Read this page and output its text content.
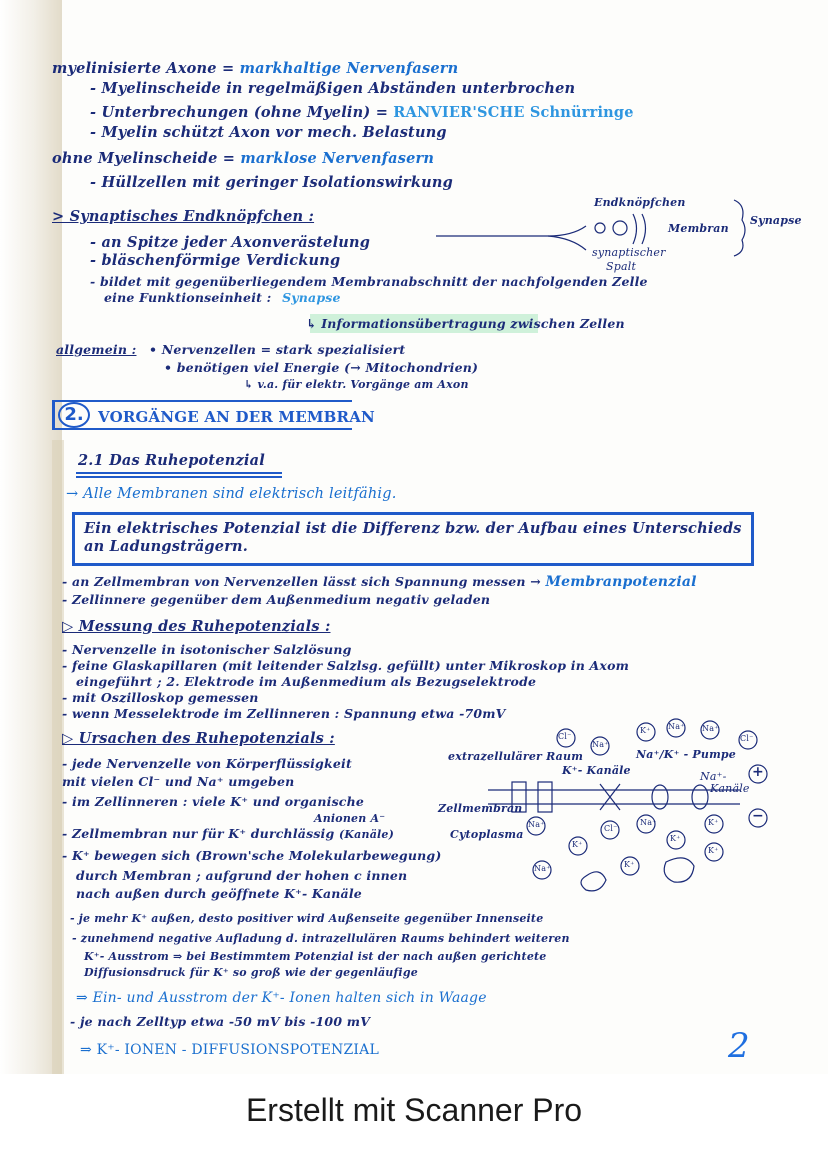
myelinisierte Axone = markhaltige Nervenfasern
- Myelinscheide in regelmäßigen Abständen unterbrochen
- Unterbrechungen (ohne Myelin) = RANVIER'SCHE Schnürringe
- Myelin schützt Axon vor mech. Belastung
ohne Myelinscheide = marklose Nervenfasern
- Hüllzellen mit geringer Isolationswirkung
> Synaptisches Endknöpfchen :
- an Spitze jeder Axonverästelung
- bläschenförmige Verdickung
- bildet mit gegenüberliegendem Membranabschnitt der nachfolgenden Zelle
eine Funktionseinheit : Synapse
↳ Informationsübertragung zwischen Zellen
allgemein : • Nervenzellen = stark spezialisiert
• benötigen viel Energie (→ Mitochondrien)
↳ v.a. für elektr. Vorgänge am Axon
2. VORGÄNGE AN DER MEMBRAN
2.1 Das Ruhepotenzial
→ Alle Membranen sind elektrisch leitfähig.
Ein elektrisches Potenzial ist die Differenz bzw. der Aufbau eines Unterschieds
an Ladungsträgern.
- an Zellmembran von Nervenzellen lässt sich Spannung messen → Membranpotenzial
- Zellinnere gegenüber dem Außenmedium negativ geladen
▷ Messung des Ruhepotenzials :
- Nervenzelle in isotonischer Salzlösung
- feine Glaskapillaren (mit leitender Salzlsg. gefüllt) unter Mikroskop in Axom
eingeführt ; 2. Elektrode im Außenmedium als Bezugselektrode
- mit Oszilloskop gemessen
- wenn Messelektrode im Zellinneren : Spannung etwa -70mV
▷ Ursachen des Ruhepotenzials :
- jede Nervenzelle von Körperflüssigkeit
mit vielen Cl⁻ und Na⁺ umgeben
- im Zellinneren : viele K⁺ und organische
Anionen A⁻
- Zellmembran nur für K⁺ durchlässig (Kanäle)
- K⁺ bewegen sich (Brown'sche Molekularbewegung)
durch Membran ; aufgrund der hohen c innen
nach außen durch geöffnete K⁺- Kanäle
- je mehr K⁺ außen, desto positiver wird Außenseite gegenüber Innenseite
- zunehmend negative Aufladung d. intrazellulären Raums behindert weiteren
K⁺- Ausstrom ⇒ bei Bestimmtem Potenzial ist der nach außen gerichtete
Diffusionsdruck für K⁺ so groß wie der gegenläufige
⇒ Ein- und Ausstrom der K⁺- Ionen halten sich in Waage
- je nach Zelltyp etwa -50 mV bis -100 mV
⇒ K⁺- IONEN - DIFFUSIONSPOTENZIAL
Endknöpfchen
Membran
Synapse
synaptischer
Spalt
extrazellulärer Raum
K⁺- Kanäle
Na⁺/K⁺ - Pumpe
Na⁺-
Kanäle
Zellmembran
Cytoplasma
+
−
Cl⁻
Na⁺
K⁺ Na⁺ Na⁺
Cl⁻
Na⁺
K⁺
Na⁺
Cl⁻
Na⁺
K⁺
K⁺
K⁺
K⁺
2
Erstellt mit Scanner Pro
